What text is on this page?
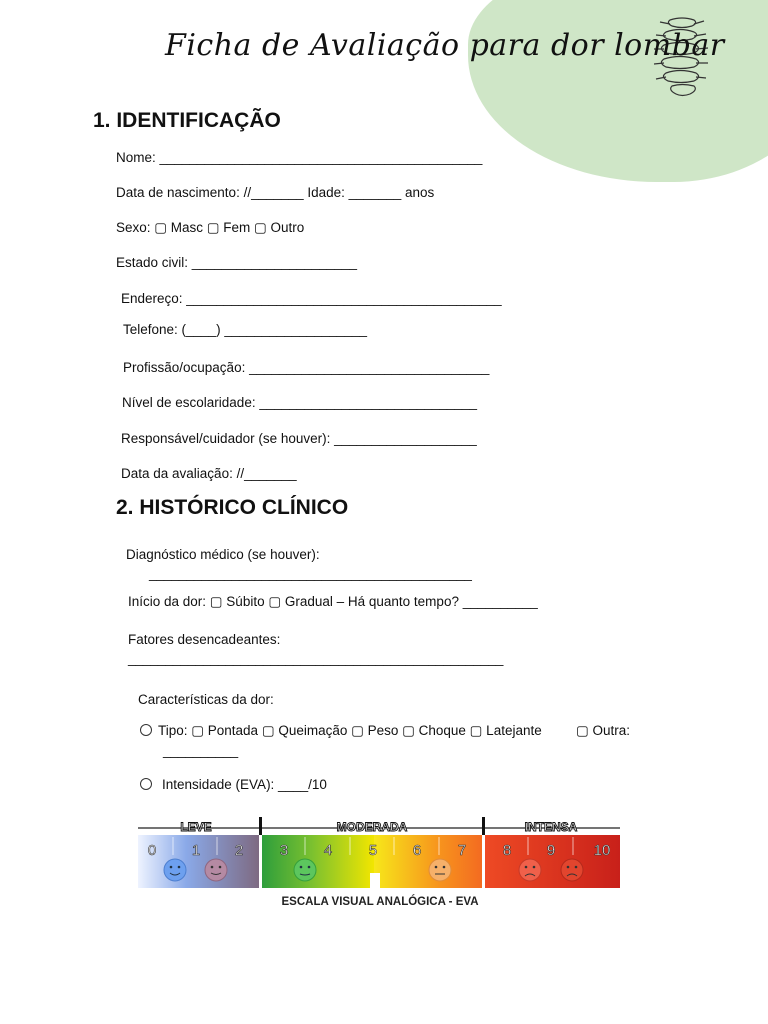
Ficha de Avaliação para dor lombar
1. IDENTIFICAÇÃO
Nome: ___________________________________________
Data de nascimento: //_______ Idade: _______ anos
Sexo: ▢ Masc ▢ Fem ▢ Outro
Estado civil: ______________________
Endereço: __________________________________________
Telefone: (____) ___________________
Profissão/ocupação: ________________________________
Nível de escolaridade: _____________________________
Responsável/cuidador (se houver): ___________________
Data da avaliação: //_______
2. HISTÓRICO CLÍNICO
Diagnóstico médico (se houver):
___________________________________________
Início da dor: ▢ Súbito ▢ Gradual – Há quanto tempo? __________
Fatores desencadeantes:
__________________________________________________
Características da dor:
Tipo: ▢ Pontada ▢ Queimação ▢ Peso ▢ Choque ▢ Latejante	▢ Outra:
__________
Intensidade (EVA): ____/10
LEVE	MODERADA	INTENSA
0 1 2 3 4 5 6 7 8 9	10
ESCALA VISUAL ANALÓGICA - EVA
